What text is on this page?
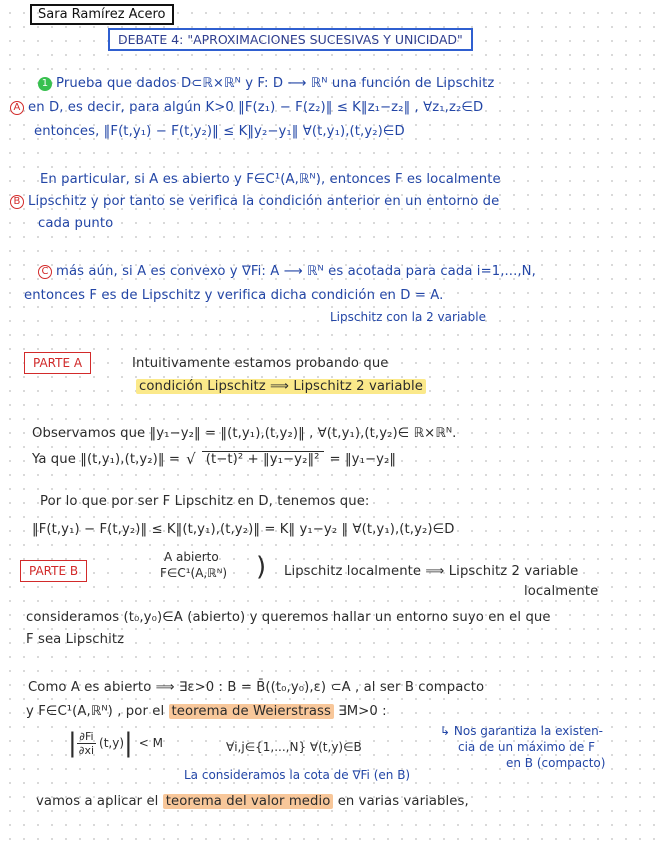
Sara Ramírez Acero
DEBATE 4: "APROXIMACIONES SUCESIVAS Y UNICIDAD"
1 Prueba que dados D⊂ℝ×ℝᴺ y F: D ⟶ ℝᴺ una función de Lipschitz
A en D, es decir, para algún K>0 ‖F(z₁) − F(z₂)‖ ≤ K‖z₁−z₂‖ , ∀z₁,z₂∈D
entonces, ‖F(t,y₁) − F(t,y₂)‖ ≤ K‖y₂−y₁‖ ∀(t,y₁),(t,y₂)∈D
En particular, si A es abierto y F∈C¹(A,ℝᴺ), entonces F es localmente
B Lipschitz y por tanto se verifica la condición anterior en un entorno de
cada punto
C más aún, si A es convexo y ∇Fi: A ⟶ ℝᴺ es acotada para cada i=1,...,N,
entonces F es de Lipschitz y verifica dicha condición en D = A.
Lipschitz con la 2 variable
PARTE A	Intuitivamente estamos probando que
condición Lipschitz ⟹ Lipschitz 2 variable
Observamos que ‖y₁−y₂‖ = ‖(t,y₁),(t,y₂)‖ , ∀(t,y₁),(t,y₂)∈ ℝ×ℝᴺ.
Ya que ‖(t,y₁),(t,y₂)‖ = √ (t−t)² + ‖y₁−y₂‖² = ‖y₁−y₂‖
Por lo que por ser F Lipschitz en D, tenemos que:
‖F(t,y₁) − F(t,y₂)‖ ≤ K‖(t,y₁),(t,y₂)‖ = K‖ y₁−y₂ ‖ ∀(t,y₁),(t,y₂)∈D
PARTE B
A abierto
F∈C¹(A,ℝᴺ) ) Lipschitz localmente ⟹ Lipschitz 2 variable
localmente
consideramos (t₀,y₀)∈A (abierto) y queremos hallar un entorno suyo en el que
F sea Lipschitz
Como A es abierto ⟹ ∃ε>0 : B = B̄((t₀,y₀),ε) ⊂A , al ser B compacto
y F∈C¹(A,ℝᴺ) , por el teorema de Weierstrass ∃M>0 :
↳ Nos garantiza la existen-
cia de un máximo de F
en B (compacto)
| $\frac{\partial Fi}{\partial xi} (t,y)$ | < M	∀i,j∈{1,...,N} ∀(t,y)∈B
La consideramos la cota de ∇Fi (en B)
vamos a aplicar el teorema del valor medio en varias variables,
